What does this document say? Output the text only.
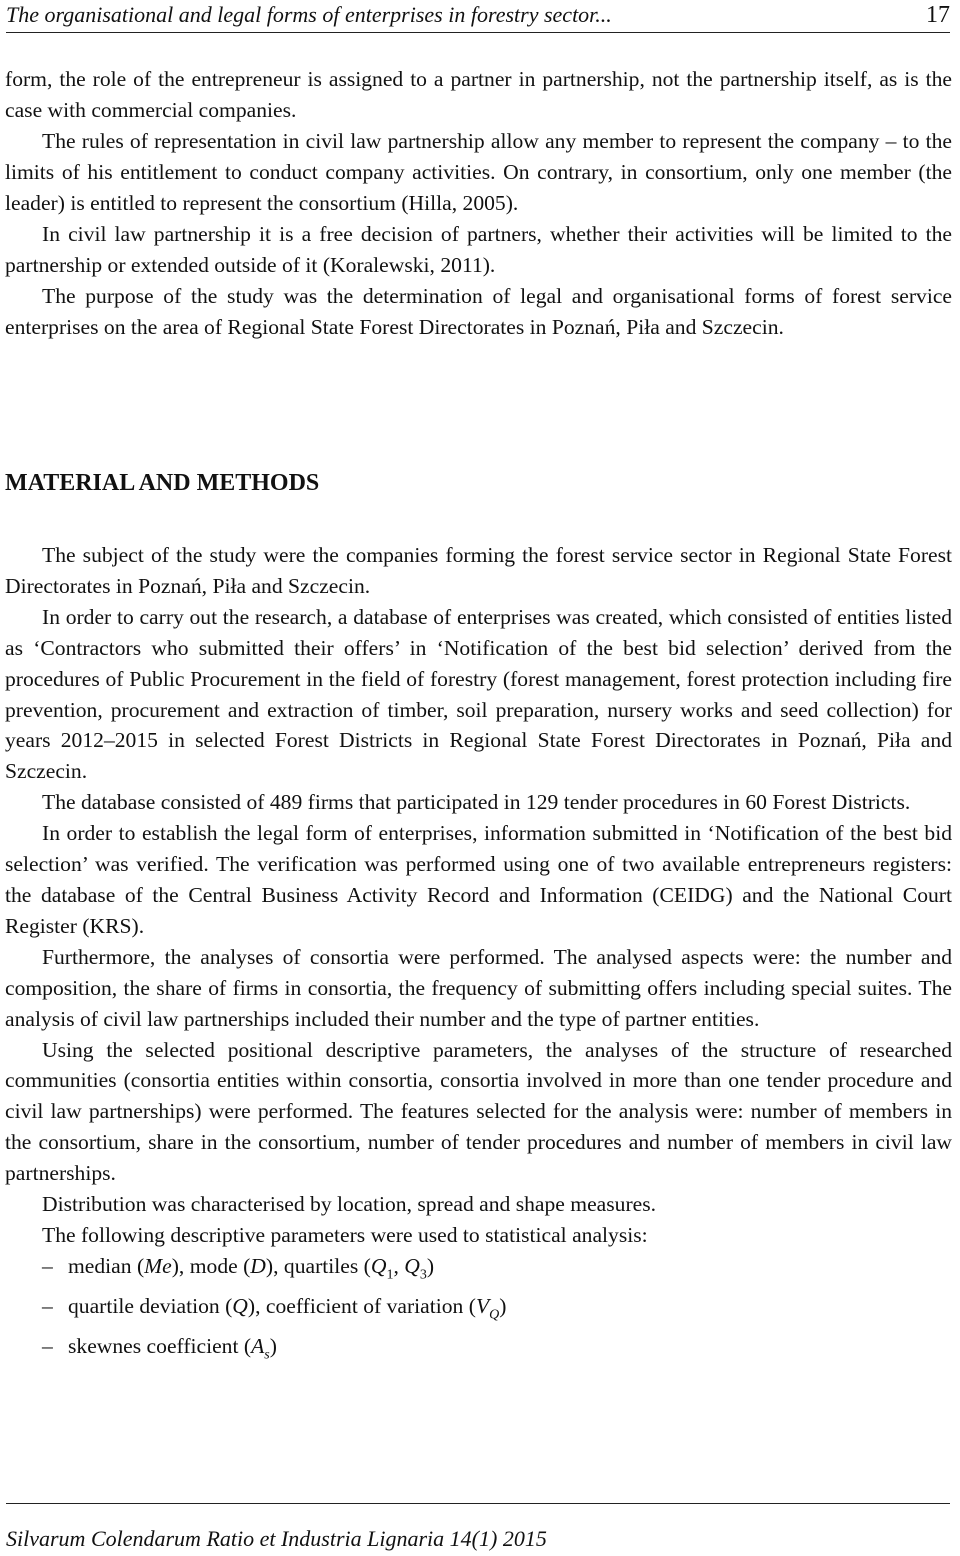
The organisational and legal forms of enterprises in forestry sector...	17

form, the role of the entrepreneur is assigned to a partner in partnership, not the partnership itself, as is the case with commercial companies.

The rules of representation in civil law partnership allow any member to represent the company – to the limits of his entitlement to conduct company activities. On contrary, in consortium, only one member (the leader) is entitled to represent the consortium (Hilla, 2005).

In civil law partnership it is a free decision of partners, whether their activities will be limited to the partnership or extended outside of it (Koralewski, 2011).

The purpose of the study was the determination of legal and organisational forms of forest service enterprises on the area of Regional State Forest Directorates in Poznań, Piła and Szczecin.

MATERIAL AND METHODS

The subject of the study were the companies forming the forest service sector in Regional State Forest Directorates in Poznań, Piła and Szczecin.

In order to carry out the research, a database of enterprises was created, which consisted of entities listed as ‘Contractors who submitted their offers’ in ‘Notification of the best bid selection’ derived from the procedures of Public Procurement in the field of forestry (forest management, forest protection including fire prevention, procurement and extraction of timber, soil preparation, nursery works and seed collection) for years 2012–2015 in selected Forest Districts in Regional State Forest Directorates in Poznań, Piła and Szczecin.

The database consisted of 489 firms that participated in 129 tender procedures in 60 Forest Districts.

In order to establish the legal form of enterprises, information submitted in ‘Notification of the best bid selection’ was verified. The verification was performed using one of two available entrepreneurs registers: the database of the Central Business Activity Record and Information (CEIDG) and the National Court Register (KRS).

Furthermore, the analyses of consortia were performed. The analysed aspects were: the number and composition, the share of firms in consortia, the frequency of submitting offers including special suites. The analysis of civil law partnerships included their number and the type of partner entities.

Using the selected positional descriptive parameters, the analyses of the structure of researched communities (consortia entities within consortia, consortia involved in more than one tender procedure and civil law partnerships) were performed. The features selected for the analysis were: number of members in the consortium, share in the consortium, number of tender procedures and number of members in civil law partnerships.

Distribution was characterised by location, spread and shape measures.

The following descriptive parameters were used to statistical analysis:

– median (Me), mode (D), quartiles ($Q_1$, $Q_3$)
– quartile deviation (Q), coefficient of variation $(V_Q)$
– skewnes coefficient $(A_s)$
Silvarum Colendarum Ratio et Industria Lignaria 14(1) 2015
